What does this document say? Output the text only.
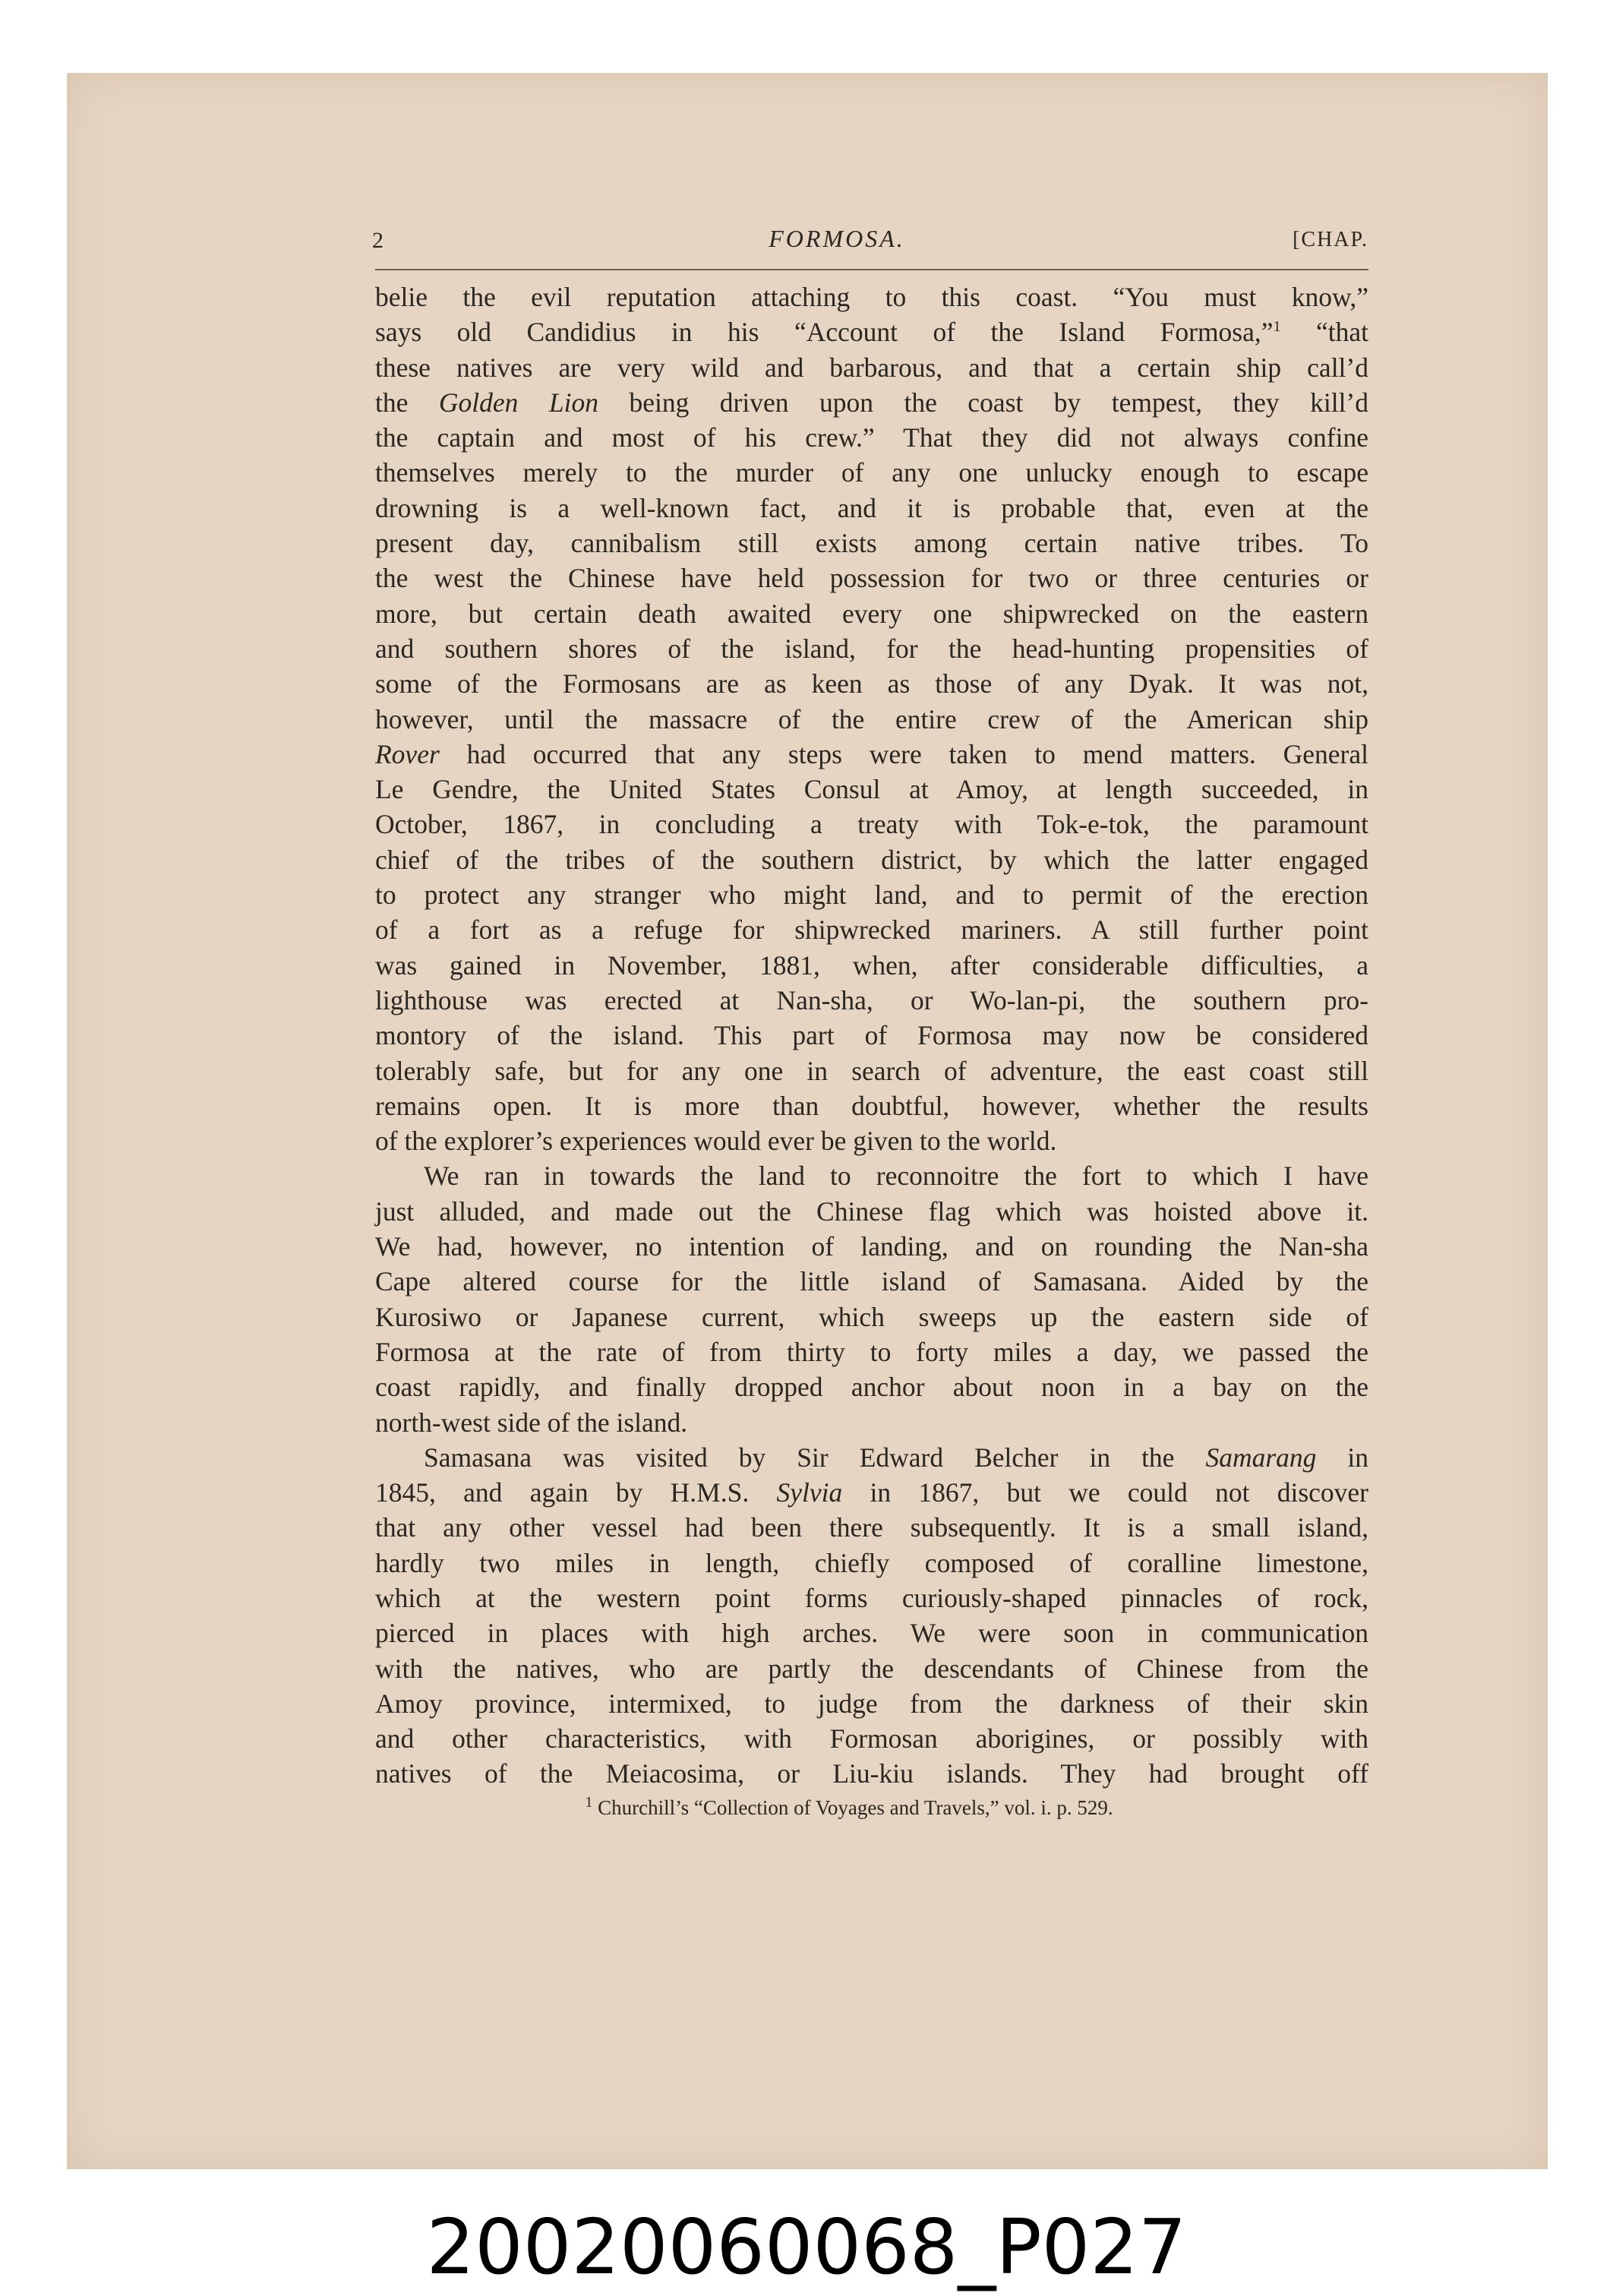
2	FORMOSA.	[CHAP.
belie the evil reputation attaching to this coast. “You must know,”
says old Candidius in his “Account of the Island Formosa,”$^1$ “that
these natives are very wild and barbarous, and that a certain ship call’d
the Golden Lion being driven upon the coast by tempest, they kill’d
the captain and most of his crew.” That they did not always confine
themselves merely to the murder of any one unlucky enough to escape
drowning is a well-known fact, and it is probable that, even at the
present day, cannibalism still exists among certain native tribes. To
the west the Chinese have held possession for two or three centuries or
more, but certain death awaited every one shipwrecked on the eastern
and southern shores of the island, for the head-hunting propensities of
some of the Formosans are as keen as those of any Dyak. It was not,
however, until the massacre of the entire crew of the American ship
Rover had occurred that any steps were taken to mend matters. General
Le Gendre, the United States Consul at Amoy, at length succeeded, in
October, 1867, in concluding a treaty with Tok-e-tok, the paramount
chief of the tribes of the southern district, by which the latter engaged
to protect any stranger who might land, and to permit of the erection
of a fort as a refuge for shipwrecked mariners. A still further point
was gained in November, 1881, when, after considerable difficulties, a
lighthouse was erected at Nan-sha, or Wo-lan-pi, the southern pro-
montory of the island. This part of Formosa may now be considered
tolerably safe, but for any one in search of adventure, the east coast still
remains open. It is more than doubtful, however, whether the results
of the explorer’s experiences would ever be given to the world.
We ran in towards the land to reconnoitre the fort to which I have
just alluded, and made out the Chinese flag which was hoisted above it.
We had, however, no intention of landing, and on rounding the Nan-sha
Cape altered course for the little island of Samasana. Aided by the
Kurosiwo or Japanese current, which sweeps up the eastern side of
Formosa at the rate of from thirty to forty miles a day, we passed the
coast rapidly, and finally dropped anchor about noon in a bay on the
north-west side of the island.
Samasana was visited by Sir Edward Belcher in the Samarang in
1845, and again by H.M.S. Sylvia in 1867, but we could not discover
that any other vessel had been there subsequently. It is a small island,
hardly two miles in length, chiefly composed of coralline limestone,
which at the western point forms curiously-shaped pinnacles of rock,
pierced in places with high arches. We were soon in communication
with the natives, who are partly the descendants of Chinese from the
Amoy province, intermixed, to judge from the darkness of their skin
and other characteristics, with Formosan aborigines, or possibly with
natives of the Meiacosima, or Liu-kiu islands. They had brought off
$^1$ Churchill’s “Collection of Voyages and Travels,” vol. i. p. 529.
20020060068_P027
